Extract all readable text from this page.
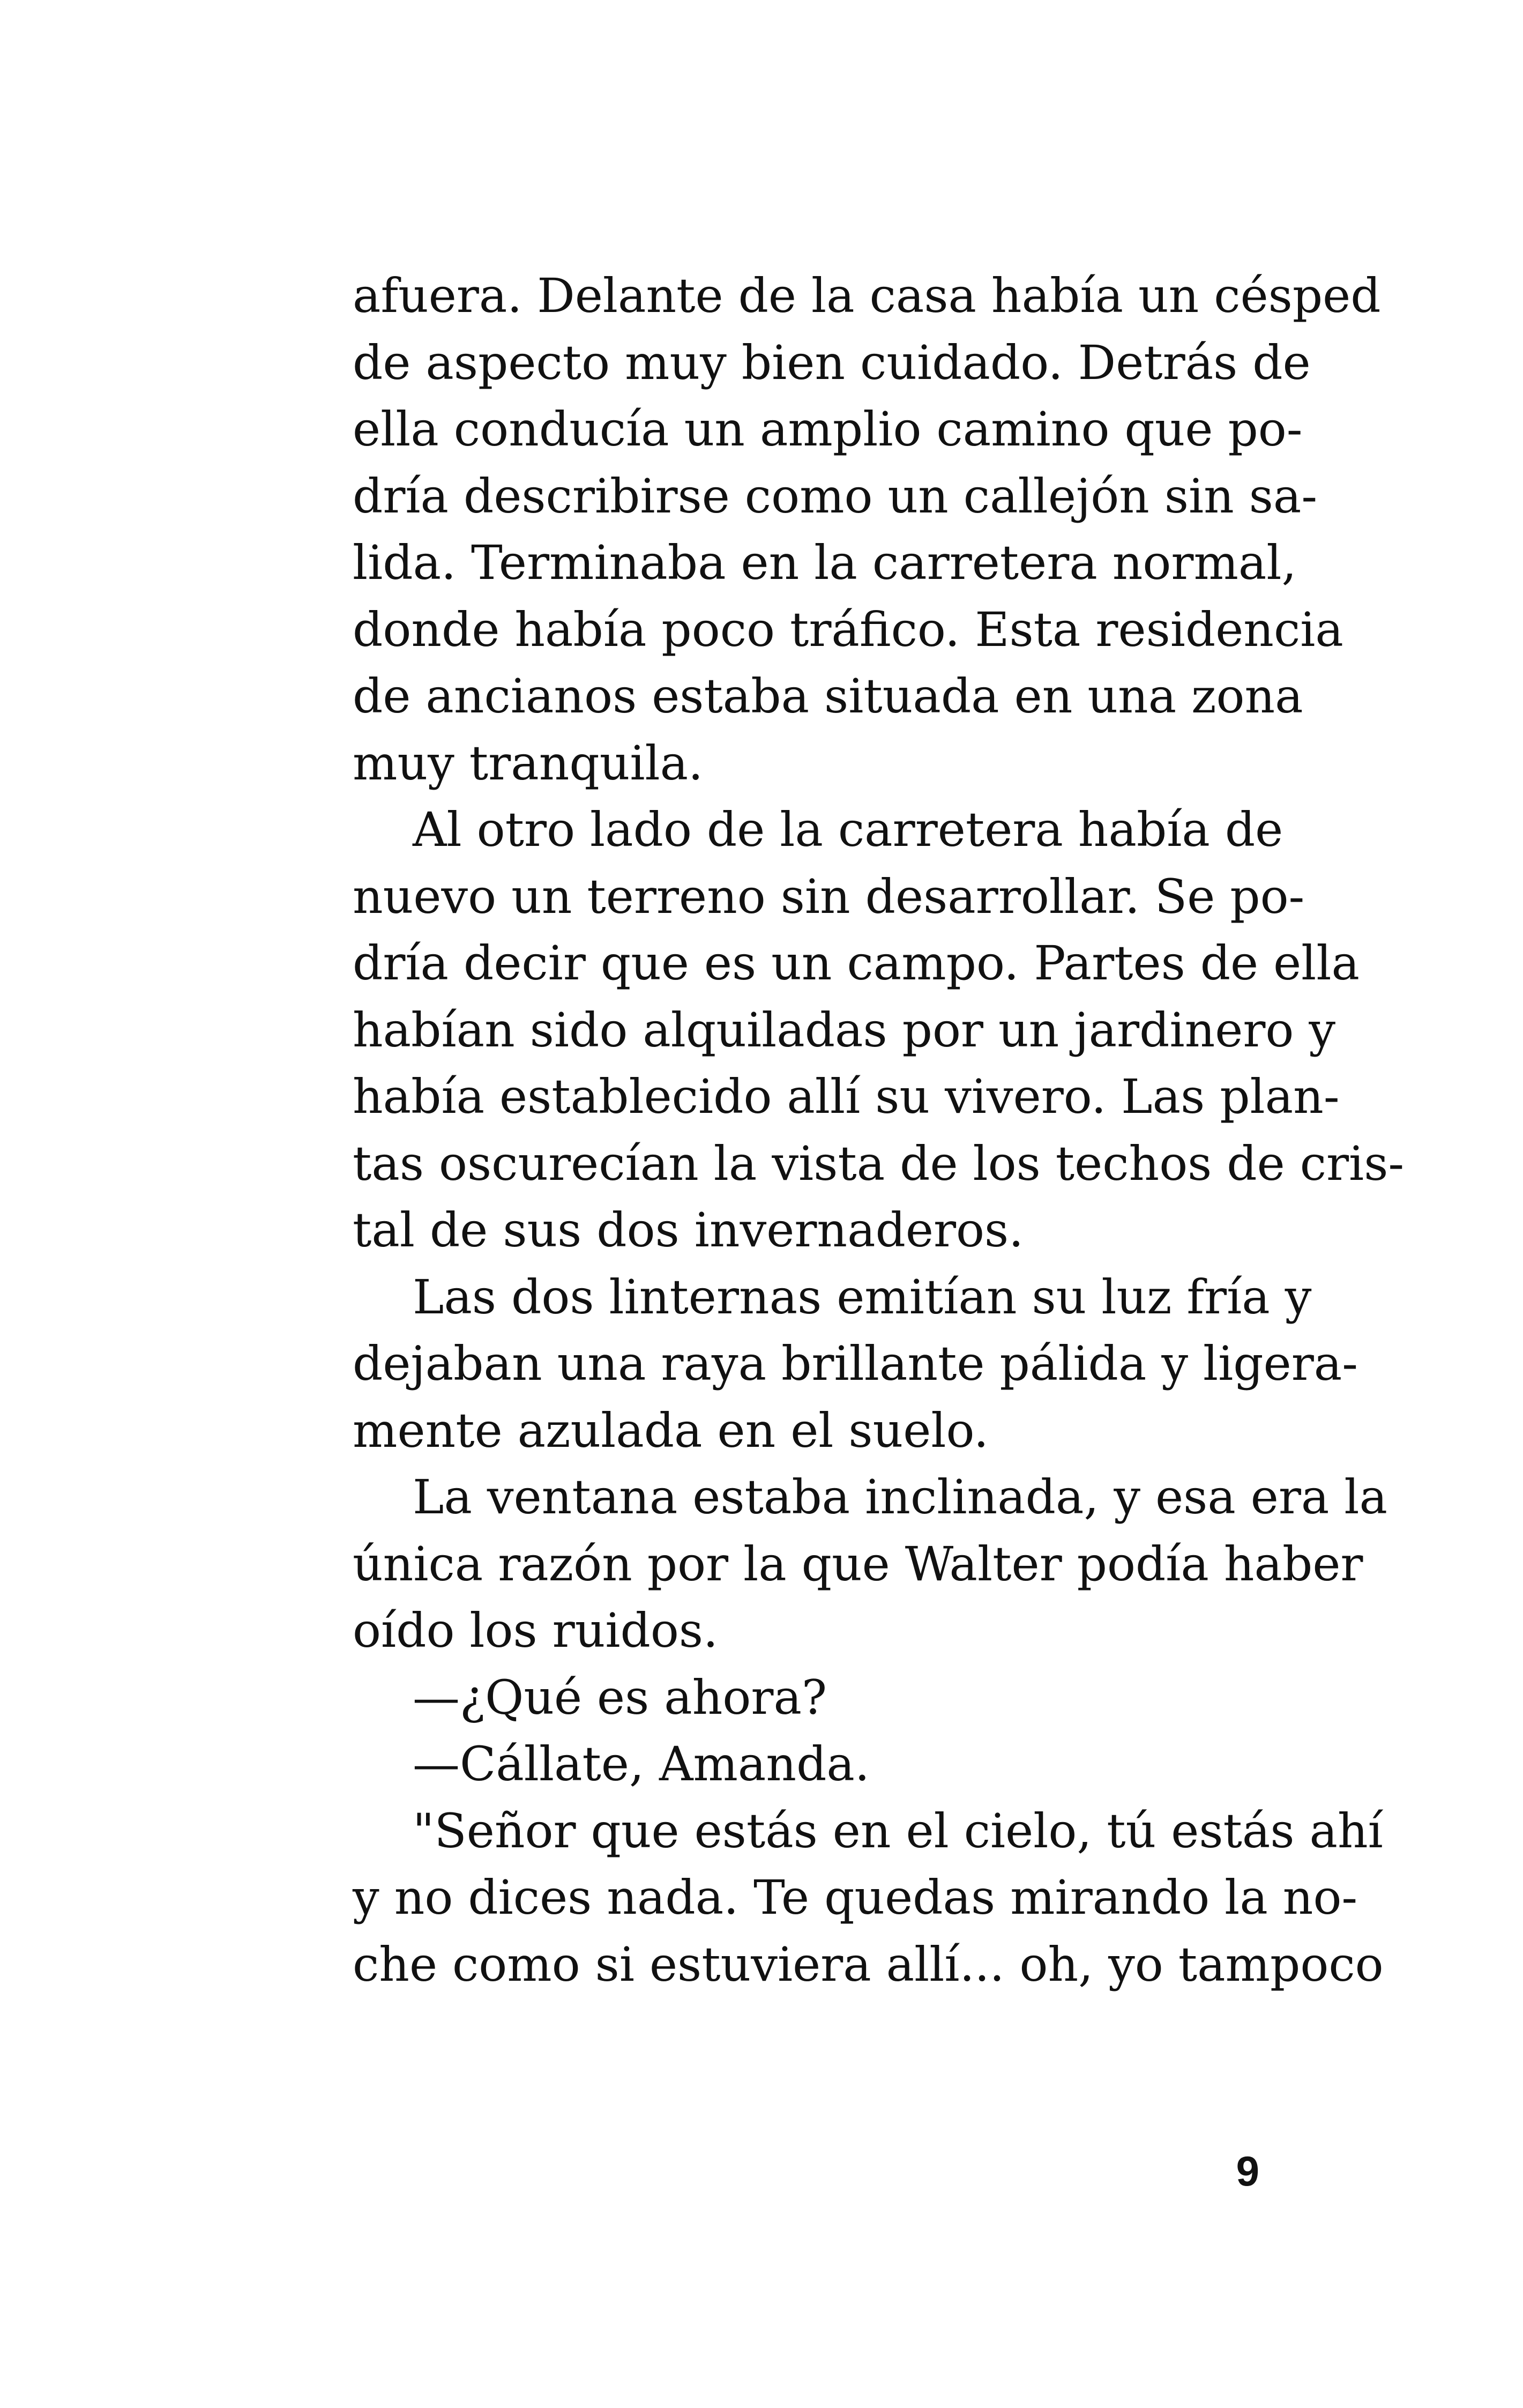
afuera. Delante de la casa había un césped
de aspecto muy bien cuidado. Detrás de
ella conducía un amplio camino que po-
dría describirse como un callejón sin sa-
lida. Terminaba en la carretera normal,
donde había poco tráfico. Esta residencia
de ancianos estaba situada en una zona
muy tranquila.
Al otro lado de la carretera había de
nuevo un terreno sin desarrollar. Se po-
dría decir que es un campo. Partes de ella
habían sido alquiladas por un jardinero y
había establecido allí su vivero. Las plan-
tas oscurecían la vista de los techos de cris-
tal de sus dos invernaderos.
Las dos linternas emitían su luz fría y
dejaban una raya brillante pálida y ligera-
mente azulada en el suelo.
La ventana estaba inclinada, y esa era la
única razón por la que Walter podía haber
oído los ruidos.
—¿Qué es ahora?
—Cállate, Amanda.
"Señor que estás en el cielo, tú estás ahí
y no dices nada. Te quedas mirando la no-
che como si estuviera allí... oh, yo tampoco
9
